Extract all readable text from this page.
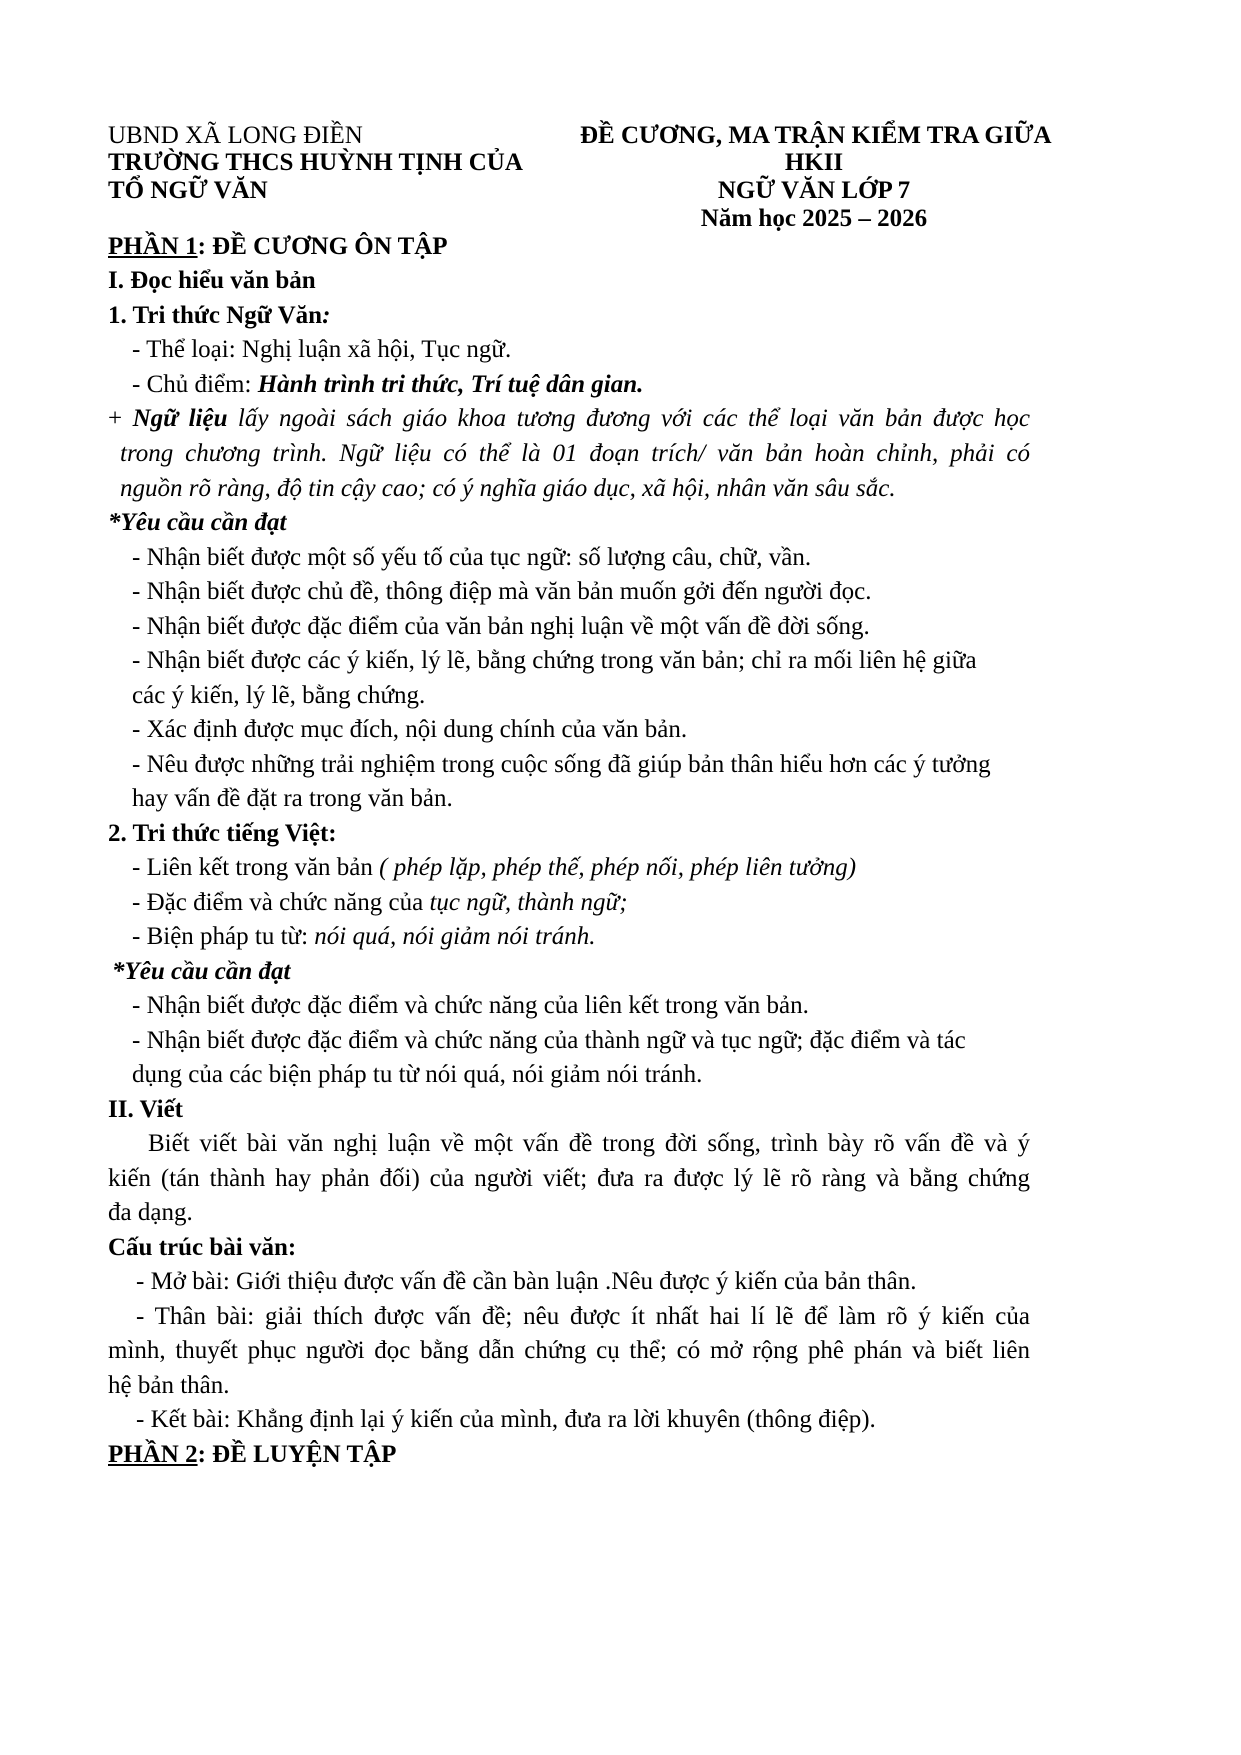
UBND XÃ LONG ĐIỀN
TRƯỜNG THCS HUỲNH TỊNH CỦA
TỔ NGỮ VĂN
ĐỀ CƯƠNG, MA TRẬN KIỂM TRA GIỮA
HKII
NGỮ VĂN LỚP 7
Năm học 2025 – 2026
PHẦN 1: ĐỀ CƯƠNG ÔN TẬP
I. Đọc hiểu văn bản
1. Tri thức Ngữ Văn:
- Thể loại: Nghị luận xã hội, Tục ngữ.
- Chủ điểm: Hành trình tri thức, Trí tuệ dân gian.
+ Ngữ liệu lấy ngoài sách giáo khoa tương đương với các thể loại văn bản được học
trong chương trình. Ngữ liệu có thể là 01 đoạn trích/ văn bản hoàn chỉnh, phải có
nguồn rõ ràng, độ tin cậy cao; có ý nghĩa giáo dục, xã hội, nhân văn sâu sắc.
*Yêu cầu cần đạt
- Nhận biết được một số yếu tố của tục ngữ: số lượng câu, chữ, vần.
- Nhận biết được chủ đề, thông điệp mà văn bản muốn gởi đến người đọc.
- Nhận biết được đặc điểm của văn bản nghị luận về một vấn đề đời sống.
- Nhận biết được các ý kiến, lý lẽ, bằng chứng trong văn bản; chỉ ra mối liên hệ giữa
các ý kiến, lý lẽ, bằng chứng.
- Xác định được mục đích, nội dung chính của văn bản.
- Nêu được những trải nghiệm trong cuộc sống đã giúp bản thân hiểu hơn các ý tưởng
hay vấn đề đặt ra trong văn bản.
2. Tri thức tiếng Việt:
- Liên kết trong văn bản ( phép lặp, phép thế, phép nối, phép liên tưởng)
- Đặc điểm và chức năng của tục ngữ, thành ngữ;
- Biện pháp tu từ: nói quá, nói giảm nói tránh.
*Yêu cầu cần đạt
- Nhận biết được đặc điểm và chức năng của liên kết trong văn bản.
- Nhận biết được đặc điểm và chức năng của thành ngữ và tục ngữ; đặc điểm và tác
dụng của các biện pháp tu từ nói quá, nói giảm nói tránh.
II. Viết
Biết viết bài văn nghị luận về một vấn đề trong đời sống, trình bày rõ vấn đề và ý
kiến (tán thành hay phản đối) của người viết; đưa ra được lý lẽ rõ ràng và bằng chứng
đa dạng.
Cấu trúc bài văn:
- Mở bài: Giới thiệu được vấn đề cần bàn luận .Nêu được ý kiến của bản thân.
- Thân bài: giải thích được vấn đề; nêu được ít nhất hai lí lẽ để làm rõ ý kiến của
mình, thuyết phục người đọc bằng dẫn chứng cụ thể; có mở rộng phê phán và biết liên
hệ bản thân.
- Kết bài: Khẳng định lại ý kiến của mình, đưa ra lời khuyên (thông điệp).
PHẦN 2: ĐỀ LUYỆN TẬP
